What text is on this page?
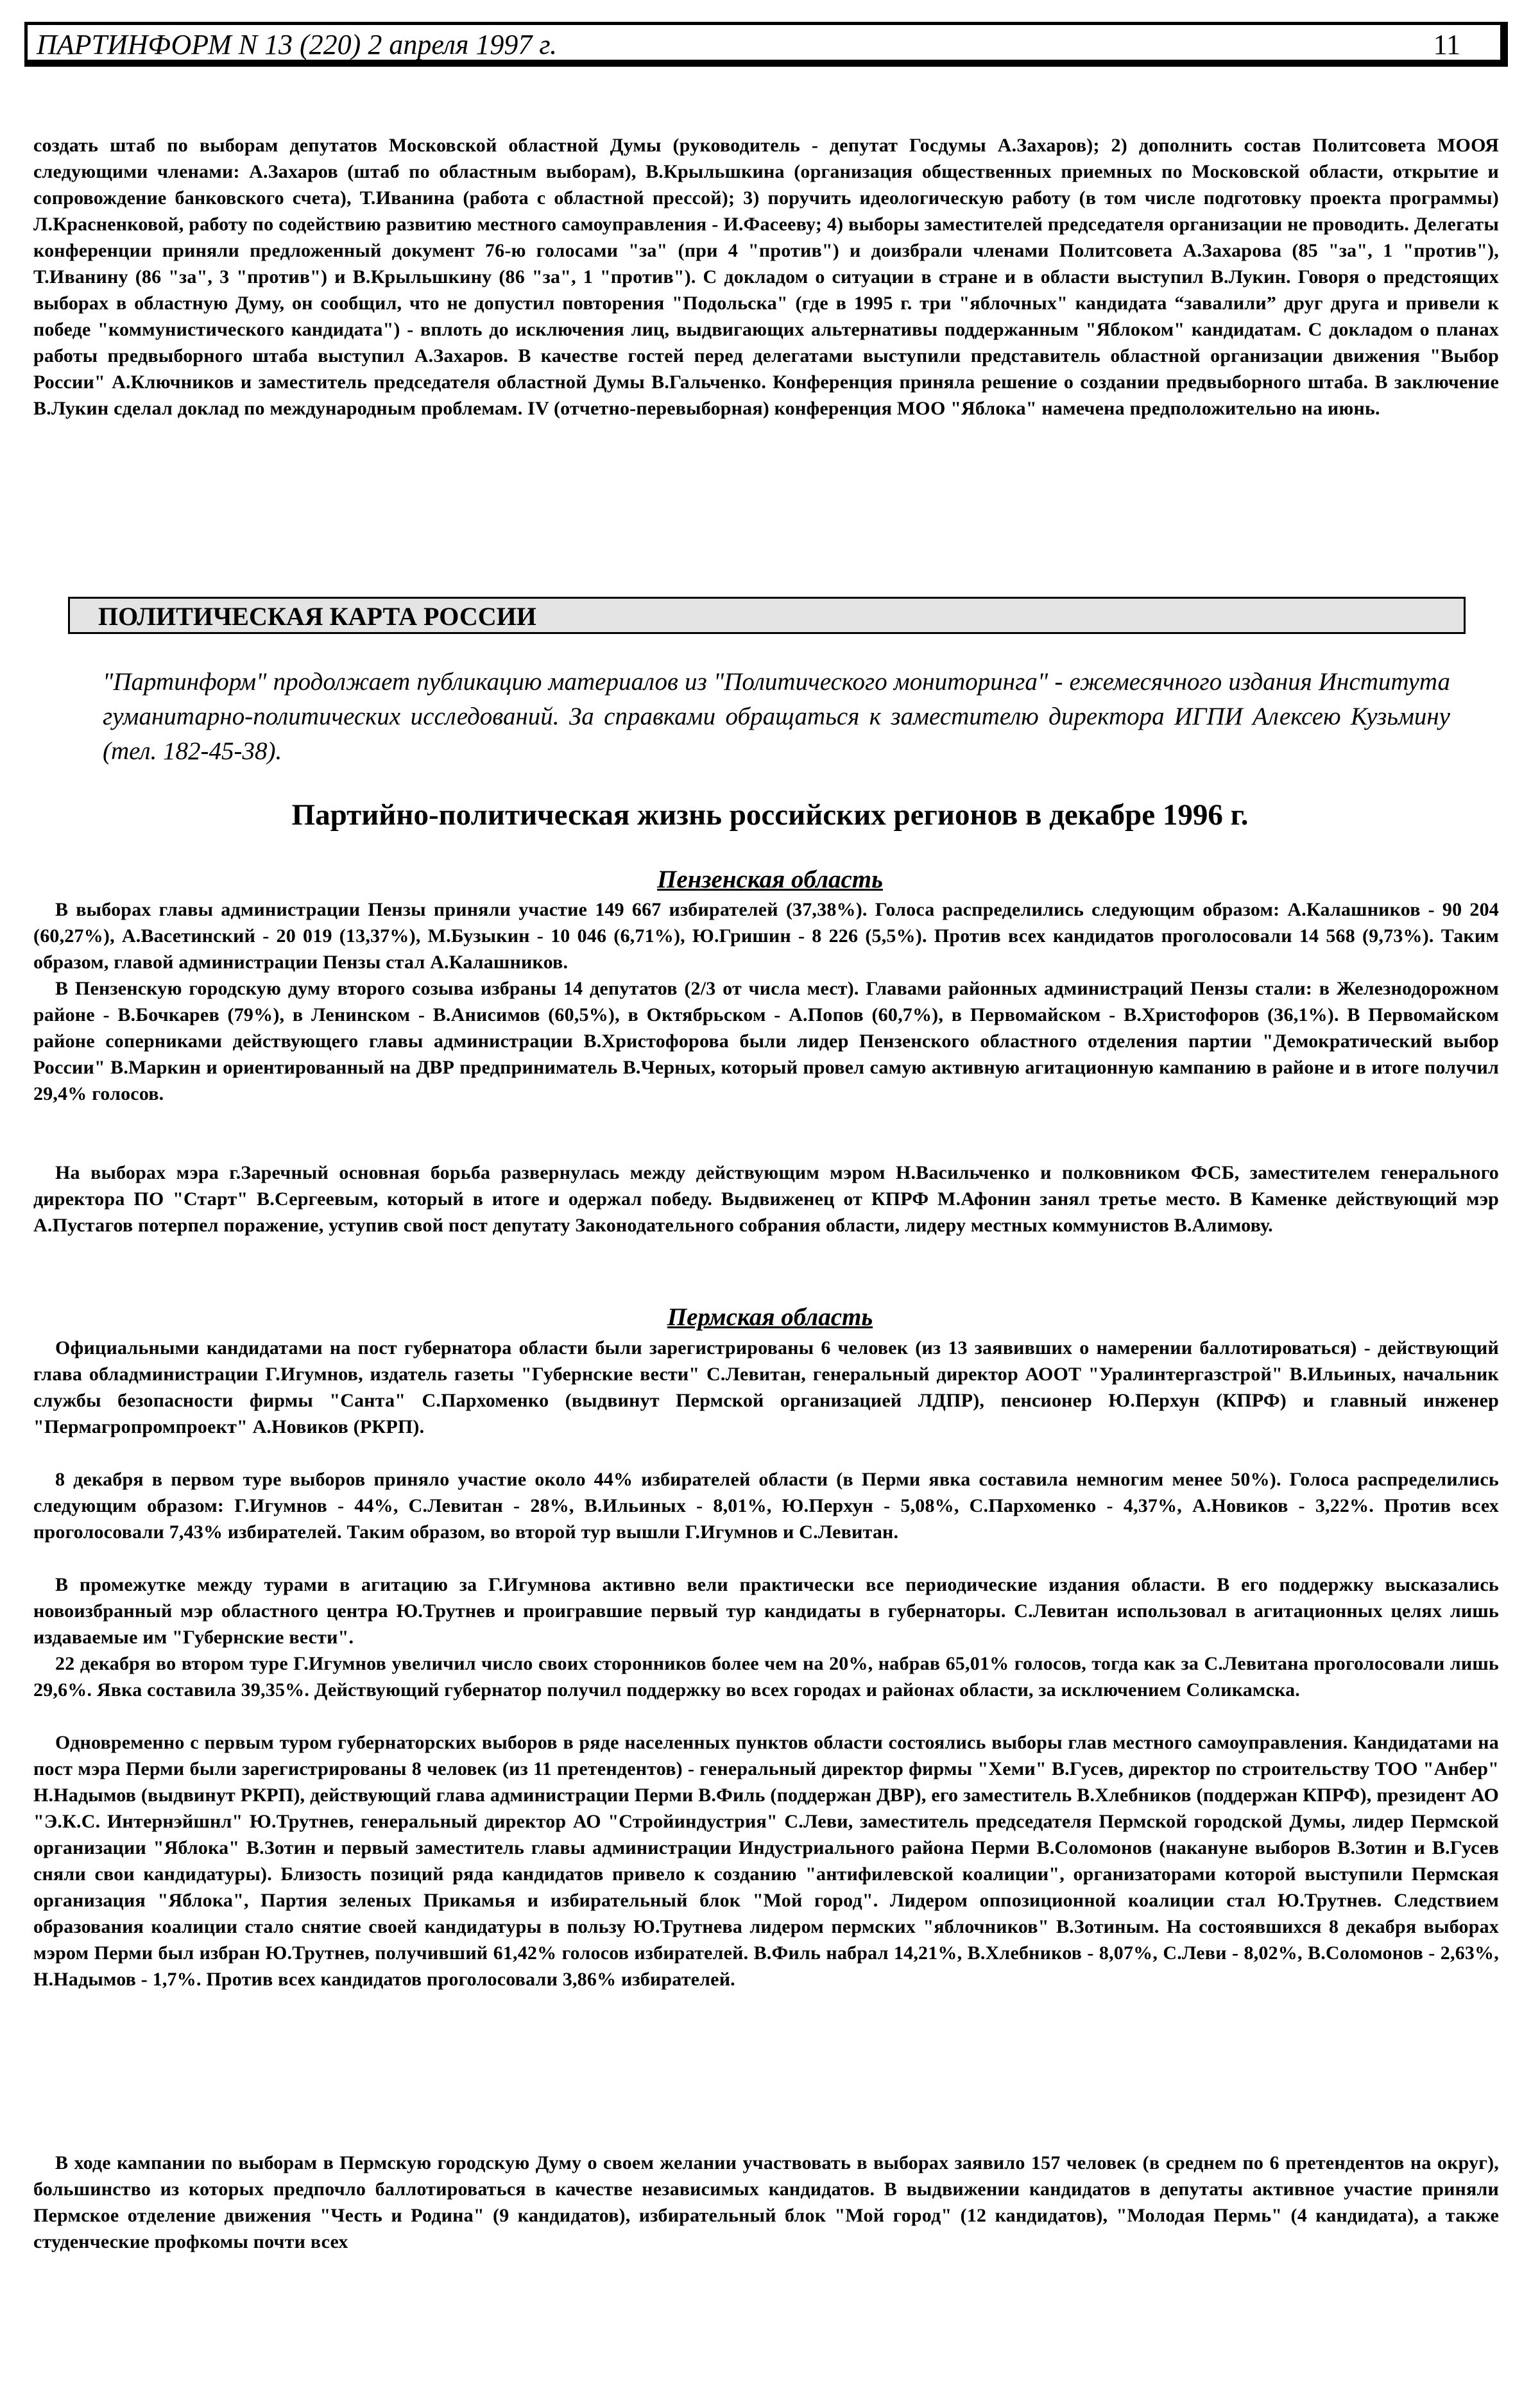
ПАРТИНФОРМ N 13 (220) 2 апреля 1997 г.	11

создать штаб по выборам депутатов Московской областной Думы (руководитель - депутат Госдумы А.Захаров); 2) дополнить состав Политсовета МООЯ следующими членами: А.Захаров (штаб по областным выборам), В.Крыльшкина (организация общественных приемных по Московской области, открытие и сопровождение банковского счета), Т.Иванина (работа с областной прессой); 3) поручить идеологическую работу (в том числе подготовку проекта программы) Л.Красненковой, работу по содействию развитию местного самоуправления - И.Фасееву; 4) выборы заместителей председателя организации не проводить. Делегаты конференции приняли предложенный документ 76-ю голосами "за" (при 4 "против") и доизбрали членами Политсовета А.Захарова (85 "за", 1 "против"), Т.Иванину (86 "за", 3 "против") и В.Крыльшкину (86 "за", 1 "против"). С докладом о ситуации в стране и в области выступил В.Лукин. Говоря о предстоящих выборах в областную Думу, он сообщил, что не допустил повторения "Подольска" (где в 1995 г. три "яблочных" кандидата “завалили” друг друга и привели к победе "коммунистического кандидата") - вплоть до исключения лиц, выдвигающих альтернативы поддержанным "Яблоком" кандидатам. С докладом о планах работы предвыборного штаба выступил А.Захаров. В качестве гостей перед делегатами выступили представитель областной организации движения "Выбор России" А.Ключников и заместитель председателя областной Думы В.Гальченко. Конференция приняла решение о создании предвыборного штаба. В заключение В.Лукин сделал доклад по международным проблемам. IV (отчетно-перевыборная) конференция МОО "Яблока" намечена предположительно на июнь.

ПОЛИТИЧЕСКАЯ КАРТА РОССИИ

"Партинформ" продолжает публикацию материалов из "Политического мониторинга" - ежемесячного издания Института гуманитарно-политических исследований. За справками обращаться к заместителю директора ИГПИ Алексею Кузьмину (тел. 182-45-38).

Партийно-политическая жизнь российских регионов в декабре 1996 г.
Пензенская область

В выборах главы администрации Пензы приняли участие 149 667 избирателей (37,38%). Голоса распределились следующим образом: А.Калашников - 90 204 (60,27%), А.Васетинский - 20 019 (13,37%), М.Бузыкин - 10 046 (6,71%), Ю.Гришин - 8 226 (5,5%). Против всех кандидатов проголосовали 14 568 (9,73%). Таким образом, главой администрации Пензы стал А.Калашников.

В Пензенскую городскую думу второго созыва избраны 14 депутатов (2/3 от числа мест). Главами районных администраций Пензы стали: в Железнодорожном районе - В.Бочкарев (79%), в Ленинском - В.Анисимов (60,5%), в Октябрьском - А.Попов (60,7%), в Первомайском - В.Христофоров (36,1%). В Первомайском районе соперниками действующего главы администрации В.Христофорова были лидер Пензенского областного отделения партии "Демократический выбор России" В.Маркин и ориентированный на ДВР предприниматель В.Черных, который провел самую активную агитационную кампанию в районе и в итоге получил 29,4% голосов.

На выборах мэра г.Заречный основная борьба развернулась между действующим мэром Н.Васильченко и полковником ФСБ, заместителем генерального директора ПО "Старт" В.Сергеевым, который в итоге и одержал победу. Выдвиженец от КПРФ М.Афонин занял третье место. В Каменке действующий мэр А.Пустагов потерпел поражение, уступив свой пост депутату Законодательного собрания области, лидеру местных коммунистов В.Алимову.

Пермская область

Официальными кандидатами на пост губернатора области были зарегистрированы 6 человек (из 13 заявивших о намерении баллотироваться) - действующий глава обладминистрации Г.Игумнов, издатель газеты "Губернские вести" С.Левитан, генеральный директор АООТ "Уралинтергазстрой" В.Ильиных, начальник службы безопасности фирмы "Санта" С.Пархоменко (выдвинут Пермской организацией ЛДПР), пенсионер Ю.Перхун (КПРФ) и главный инженер "Пермагропромпроект" А.Новиков (РКРП).

8 декабря в первом туре выборов приняло участие около 44% избирателей области (в Перми явка составила немногим менее 50%). Голоса распределились следующим образом: Г.Игумнов - 44%, С.Левитан - 28%, В.Ильиных - 8,01%, Ю.Перхун - 5,08%, С.Пархоменко - 4,37%, А.Новиков - 3,22%. Против всех проголосовали 7,43% избирателей. Таким образом, во второй тур вышли Г.Игумнов и С.Левитан.

В промежутке между турами в агитацию за Г.Игумнова активно вели практически все периодические издания области. В его поддержку высказались новоизбранный мэр областного центра Ю.Трутнев и проигравшие первый тур кандидаты в губернаторы. С.Левитан использовал в агитационных целях лишь издаваемые им "Губернские вести".

22 декабря во втором туре Г.Игумнов увеличил число своих сторонников более чем на 20%, набрав 65,01% голосов, тогда как за С.Левитана проголосовали лишь 29,6%. Явка составила 39,35%. Действующий губернатор получил поддержку во всех городах и районах области, за исключением Соликамска.

Одновременно с первым туром губернаторских выборов в ряде населенных пунктов области состоялись выборы глав местного самоуправления. Кандидатами на пост мэра Перми были зарегистрированы 8 человек (из 11 претендентов) - генеральный директор фирмы "Хеми" В.Гусев, директор по строительству ТОО "Анбер" Н.Надымов (выдвинут РКРП), действующий глава администрации Перми В.Филь (поддержан ДВР), его заместитель В.Хлебников (поддержан КПРФ), президент АО "Э.К.С. Интернэйшнл" Ю.Трутнев, генеральный директор АО "Стройиндустрия" С.Леви, заместитель председателя Пермской городской Думы, лидер Пермской организации "Яблока" В.Зотин и первый заместитель главы администрации Индустриального района Перми В.Соломонов (накануне выборов В.Зотин и В.Гусев сняли свои кандидатуры). Близость позиций ряда кандидатов привело к созданию "антифилевской коалиции", организаторами которой выступили Пермская организация "Яблока", Партия зеленых Прикамья и избирательный блок "Мой город". Лидером оппозиционной коалиции стал Ю.Трутнев. Следствием образования коалиции стало снятие своей кандидатуры в пользу Ю.Трутнева лидером пермских "яблочников" В.Зотиным. На состоявшихся 8 декабря выборах мэром Перми был избран Ю.Трутнев, получивший 61,42% голосов избирателей. В.Филь набрал 14,21%, В.Хлебников - 8,07%, С.Леви - 8,02%, В.Соломонов - 2,63%, Н.Надымов - 1,7%. Против всех кандидатов проголосовали 3,86% избирателей.

В ходе кампании по выборам в Пермскую городскую Думу о своем желании участвовать в выборах заявило 157 человек (в среднем по 6 претендентов на округ), большинство из которых предпочло баллотироваться в качестве независимых кандидатов. В выдвижении кандидатов в депутаты активное участие приняли Пермское отделение движения "Честь и Родина" (9 кандидатов), избирательный блок "Мой город" (12 кандидатов), "Молодая Пермь" (4 кандидата), а также студенческие профкомы почти всех
